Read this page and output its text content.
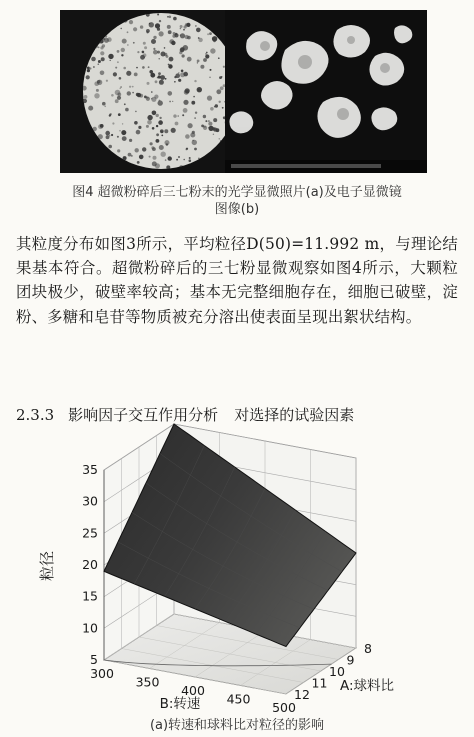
图4 超微粉碎后三七粉末的光学显微照片(a)及电子显微镜
图像(b)
其粒度分布如图3所示，平均粒径D(50)=11.992 m，与理论结果基本符合。超微粉碎后的三七粉显微观察如图4所示，大颗粒团块极少，破壁率较高；基本无完整细胞存在，细胞已破壁，淀粉、多糖和皂苷等物质被充分溶出使表面呈现出絮状结构。
2.3.3 影响因子交互作用分析 对选择的试验因素
5
10
15
20
25
30
35
300
350
400
450
500
8
9
10
11
12
粒径
B:转速
A:球料比
(a)转速和球料比对粒径的影响
